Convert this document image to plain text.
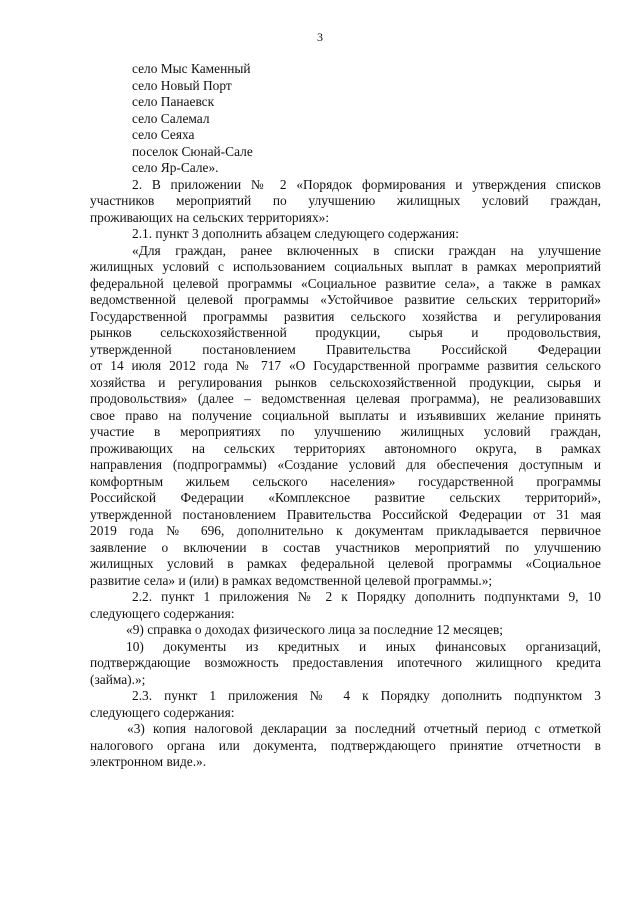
3
село Мыс Каменный
село Новый Порт
село Панаевск
село Салемал
село Сеяха
поселок Сюнай-Сале
село Яр-Сале».
2. В приложении № 2 «Порядок формирования и утверждения списков
участников мероприятий по улучшению жилищных условий граждан,
проживающих на сельских территориях»:
2.1. пункт 3 дополнить абзацем следующего содержания:
«Для граждан, ранее включенных в списки граждан на улучшение
жилищных условий с использованием социальных выплат в рамках мероприятий
федеральной целевой программы «Социальное развитие села», а также в рамках
ведомственной целевой программы «Устойчивое развитие сельских территорий»
Государственной программы развития сельского хозяйства и регулирования
рынков сельскохозяйственной продукции, сырья и продовольствия,
утвержденной постановлением Правительства Российской Федерации
от 14 июля 2012 года № 717 «О Государственной программе развития сельского
хозяйства и регулирования рынков сельскохозяйственной продукции, сырья и
продовольствия» (далее – ведомственная целевая программа), не реализовавших
свое право на получение социальной выплаты и изъявивших желание принять
участие в мероприятиях по улучшению жилищных условий граждан,
проживающих на сельских территориях автономного округа, в рамках
направления (подпрограммы) «Создание условий для обеспечения доступным и
комфортным жильем сельского населения» государственной программы
Российской Федерации «Комплексное развитие сельских территорий»,
утвержденной постановлением Правительства Российской Федерации от 31 мая
2019 года № 696, дополнительно к документам прикладывается первичное
заявление о включении в состав участников мероприятий по улучшению
жилищных условий в рамках федеральной целевой программы «Социальное
развитие села» и (или) в рамках ведомственной целевой программы.»;
2.2. пункт 1 приложения № 2 к Порядку дополнить подпунктами 9, 10
следующего содержания:
«9) справка о доходах физического лица за последние 12 месяцев;
10) документы из кредитных и иных финансовых организаций,
подтверждающие возможность предоставления ипотечного жилищного кредита
(займа).»;
2.3. пункт 1 приложения № 4 к Порядку дополнить подпунктом 3
следующего содержания:
«3) копия налоговой декларации за последний отчетный период с отметкой
налогового органа или документа, подтверждающего принятие отчетности в
электронном виде.».
